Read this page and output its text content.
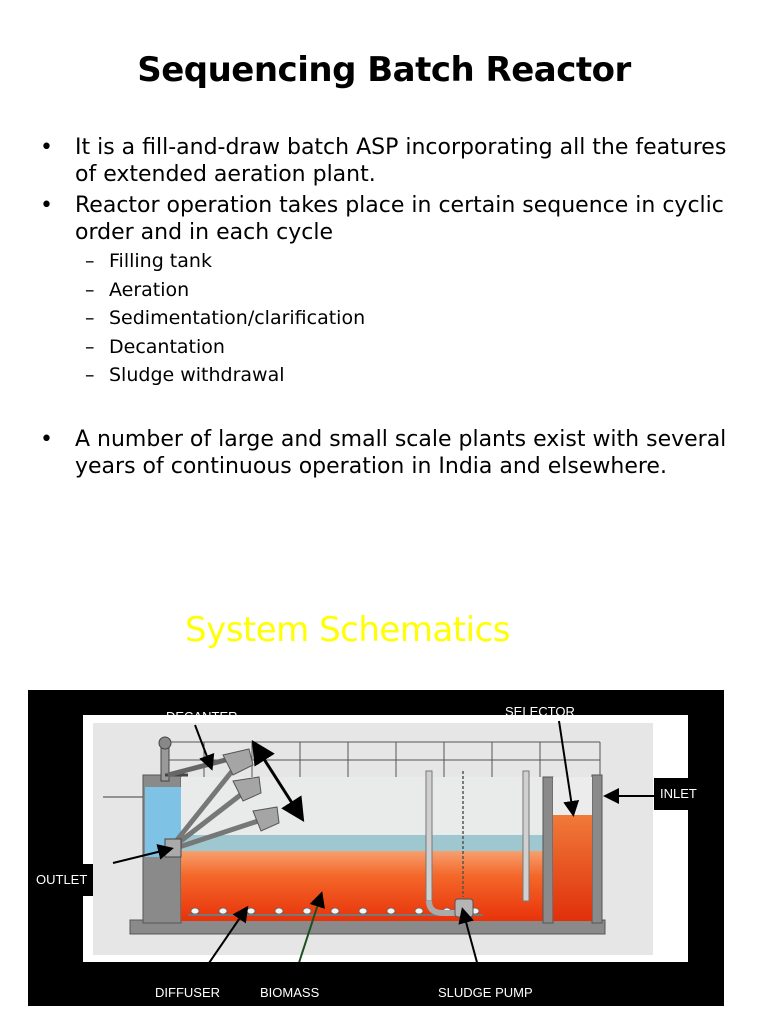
Sequencing Batch Reactor
• It is a fill-and-draw batch ASP incorporating all the features
of extended aeration plant.
• Reactor operation takes place in certain sequence in cyclic
order and in each cycle
– Filling tank
– Aeration
– Sedimentation/clarification
– Decantation
– Sludge withdrawal
• A number of large and small scale plants exist with several
years of continuous operation in India and elsewhere.
System Schematics
DECANTER	SELECTOR
INLET
OUTLET
DIFFUSER	BIOMASS	SLUDGE PUMP
